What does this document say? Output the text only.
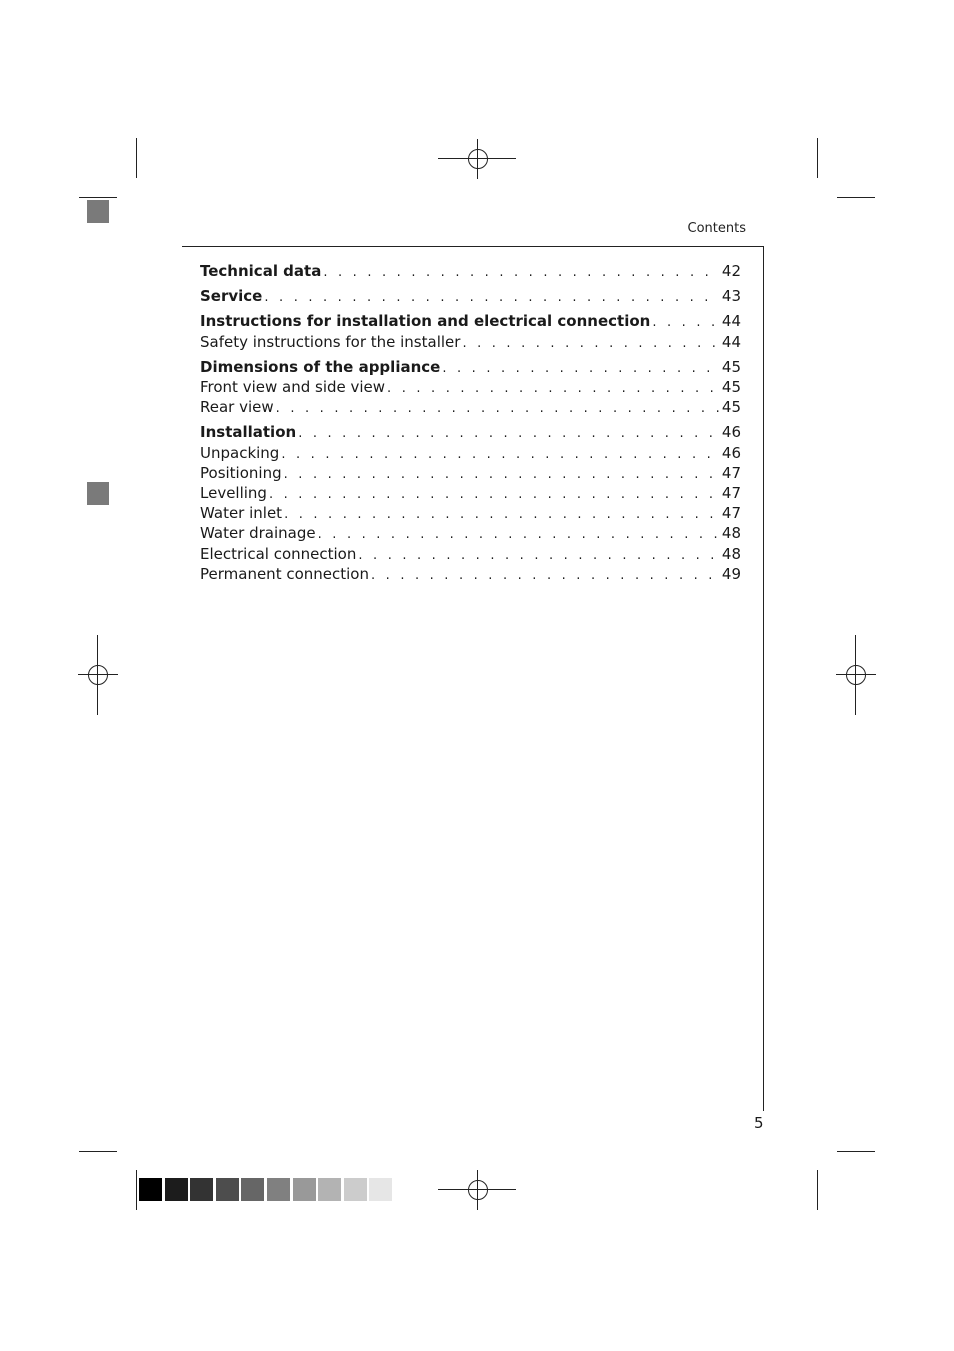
Contents
Technical data . . .	42
Service . . .	43
Instructions for installation and electrical connection . . .	44
Safety instructions for the installer . . .	44
Dimensions of the appliance . . .	45
Front view and side view . . .	45
Rear view . . .	45
Installation . . .	46
Unpacking . . .	46
Positioning . . .	47
Levelling . . .	47
Water inlet . . .	47
Water drainage . . .	48
Electrical connection . . .	48
Permanent connection . . .	49
5
